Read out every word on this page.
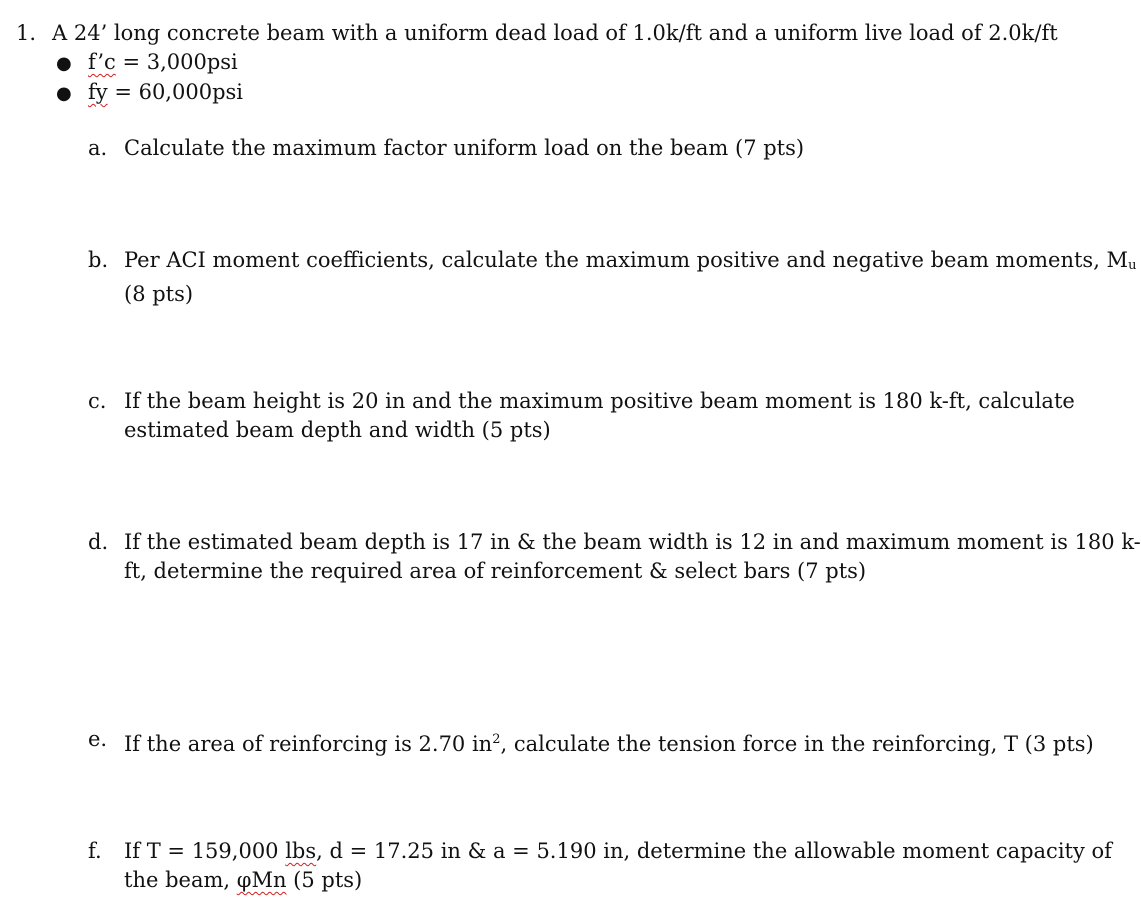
1. A 24’ long concrete beam with a uniform dead load of 1.0k/ft and a uniform live load of 2.0k/ft
● f’c = 3,000psi
● fy = 60,000psi
a. Calculate the maximum factor uniform load on the beam (7 pts)
b. Per ACI moment coefficients, calculate the maximum positive and negative beam moments, Mu
(8 pts)
c. If the beam height is 20 in and the maximum positive beam moment is 180 k-ft, calculate
estimated beam depth and width (5 pts)
d. If the estimated beam depth is 17 in & the beam width is 12 in and maximum moment is 180 k-
ft, determine the required area of reinforcement & select bars (7 pts)
e. If the area of reinforcing is 2.70 $in^2$, calculate the tension force in the reinforcing, T (3 pts)
f. If T = 159,000 lbs, d = 17.25 in & a = 5.190 in, determine the allowable moment capacity of
the beam, φMn (5 pts)
